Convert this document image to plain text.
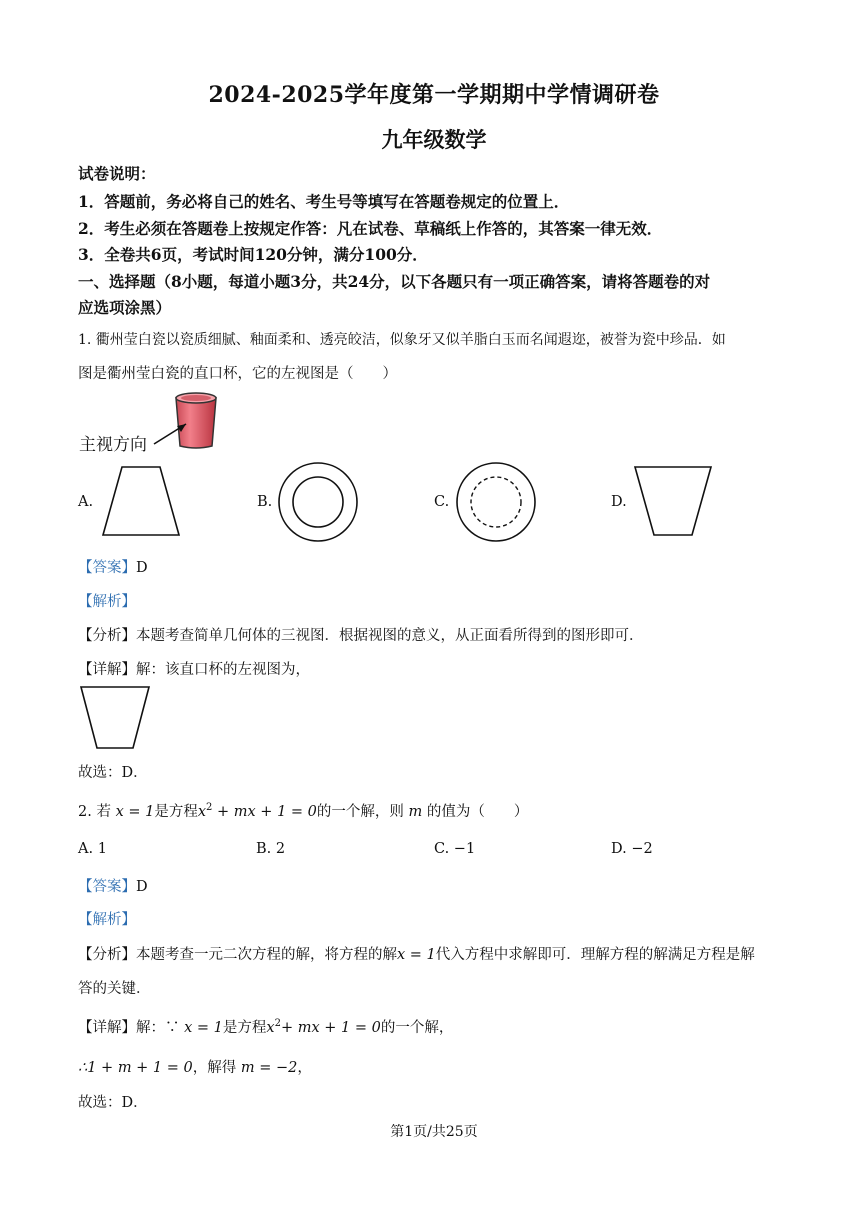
2024-2025学年度第一学期期中学情调研卷
九年级数学
试卷说明：
1．答题前，务必将自己的姓名、考生号等填写在答题卷规定的位置上．
2．考生必须在答题卷上按规定作答：凡在试卷、草稿纸上作答的，其答案一律无效．
3．全卷共6页，考试时间120分钟，满分100分．
一、选择题（8小题，每道小题3分，共24分，以下各题只有一项正确答案，请将答题卷的对
应选项涂黑）
1. 衢州莹白瓷以瓷质细腻、釉面柔和、透亮皎洁，似象牙又似羊脂白玉而名闻遐迩，被誉为瓷中珍品．如
图是衢州莹白瓷的直口杯，它的左视图是（　　）
主视方向
A.	B.	C.	D.
【答案】D
【解析】
【分析】本题考查简单几何体的三视图．根据视图的意义，从正面看所得到的图形即可．
【详解】解：该直口杯的左视图为，
故选：D．
2. 若 x = 1是方程$x^2$ + mx + 1 = 0的一个解，则 m 的值为（　　）
A. 1	B. 2	C. −1	D. −2
【答案】D
【解析】
【分析】本题考查一元二次方程的解，将方程的解x = 1代入方程中求解即可．理解方程的解满足方程是解
答的关键．
【详解】解：∵ x = 1是方程$x^2+$ mx + 1 = 0的一个解，
∴1 + m + 1 = 0，解得 m = −2，
故选：D．
第1页/共25页
